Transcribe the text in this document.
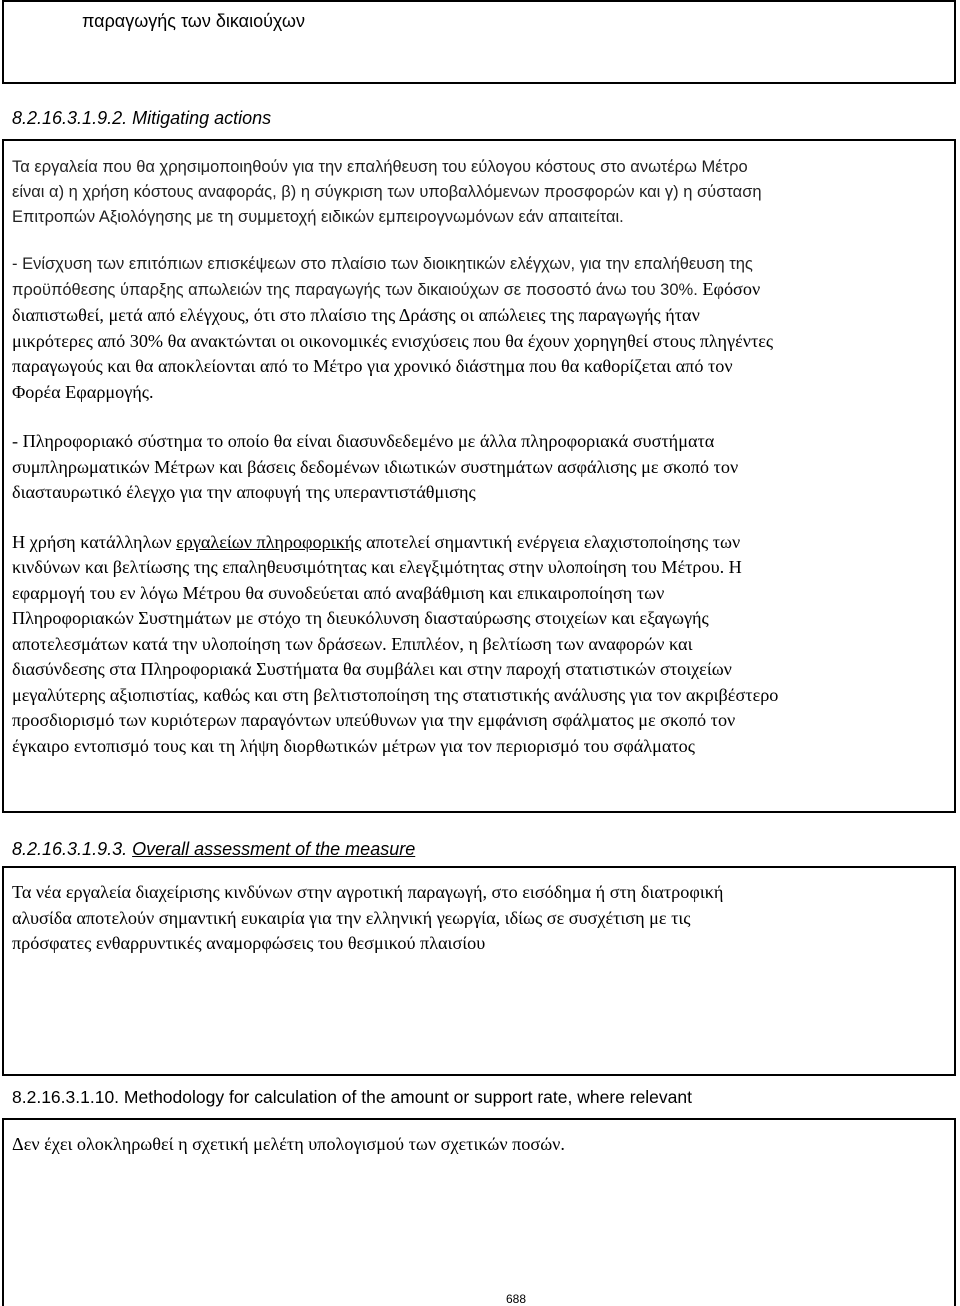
παραγωγής των δικαιούχων
8.2.16.3.1.9.2. Mitigating actions

Τα εργαλεία που θα χρησιμοποιηθούν για την επαλήθευση του εύλογου κόστους στο ανωτέρω Μέτρο

είναι α) η χρήση κόστους αναφοράς, β) η σύγκριση των υποβαλλόμενων προσφορών και γ) η σύσταση

Επιτροπών Αξιολόγησης με τη συμμετοχή ειδικών εμπειρογνωμόνων εάν απαιτείται.

- Ενίσχυση των επιτόπιων επισκέψεων στο πλαίσιο των διοικητικών ελέγχων, για την επαλήθευση της

προϋπόθεσης ύπαρξης απωλειών της παραγωγής των δικαιούχων σε ποσοστό άνω του 30%. Εφόσον

διαπιστωθεί, μετά από ελέγχους, ότι στο πλαίσιο της Δράσης οι απώλειες της παραγωγής ήταν

μικρότερες από 30% θα ανακτώνται οι οικονομικές ενισχύσεις που θα έχουν χορηγηθεί στους πληγέντες

παραγωγούς και θα αποκλείονται από το Μέτρο για χρονικό διάστημα που θα καθορίζεται από τον

Φορέα Εφαρμογής.

- Πληροφοριακό σύστημα το οποίο θα είναι διασυνδεδεμένο με άλλα πληροφοριακά συστήματα

συμπληρωματικών Μέτρων και βάσεις δεδομένων ιδιωτικών συστημάτων ασφάλισης με σκοπό τον

διασταυρωτικό έλεγχο για την αποφυγή της υπεραντιστάθμισης

Η χρήση κατάλληλων εργαλείων πληροφορικής αποτελεί σημαντική ενέργεια ελαχιστοποίησης των

κινδύνων και βελτίωσης της επαληθευσιμότητας και ελεγξιμότητας στην υλοποίηση του Μέτρου. Η

εφαρμογή του εν λόγω Μέτρου θα συνοδεύεται από αναβάθμιση και επικαιροποίηση των

Πληροφοριακών Συστημάτων με στόχο τη διευκόλυνση διασταύρωσης στοιχείων και εξαγωγής

αποτελεσμάτων κατά την υλοποίηση των δράσεων. Επιπλέον, η βελτίωση των αναφορών και

διασύνδεσης στα Πληροφοριακά Συστήματα θα συμβάλει και στην παροχή στατιστικών στοιχείων

μεγαλύτερης αξιοπιστίας, καθώς και στη βελτιστοποίηση της στατιστικής ανάλυσης για τον ακριβέστερο

προσδιορισμό των κυριότερων παραγόντων υπεύθυνων για την εμφάνιση σφάλματος με σκοπό τον

έγκαιρο εντοπισμό τους και τη λήψη διορθωτικών μέτρων για τον περιορισμό του σφάλματος

8.2.16.3.1.9.3. Overall assessment of the measure

Τα νέα εργαλεία διαχείρισης κινδύνων στην αγροτική παραγωγή, στο εισόδημα ή στη διατροφική

αλυσίδα αποτελούν σημαντική ευκαιρία για την ελληνική γεωργία, ιδίως σε συσχέτιση με τις

πρόσφατες ενθαρρυντικές αναμορφώσεις του θεσμικού πλαισίου

8.2.16.3.1.10. Methodology for calculation of the amount or support rate, where relevant

Δεν έχει ολοκληρωθεί η σχετική μελέτη υπολογισμού των σχετικών ποσών.

688
